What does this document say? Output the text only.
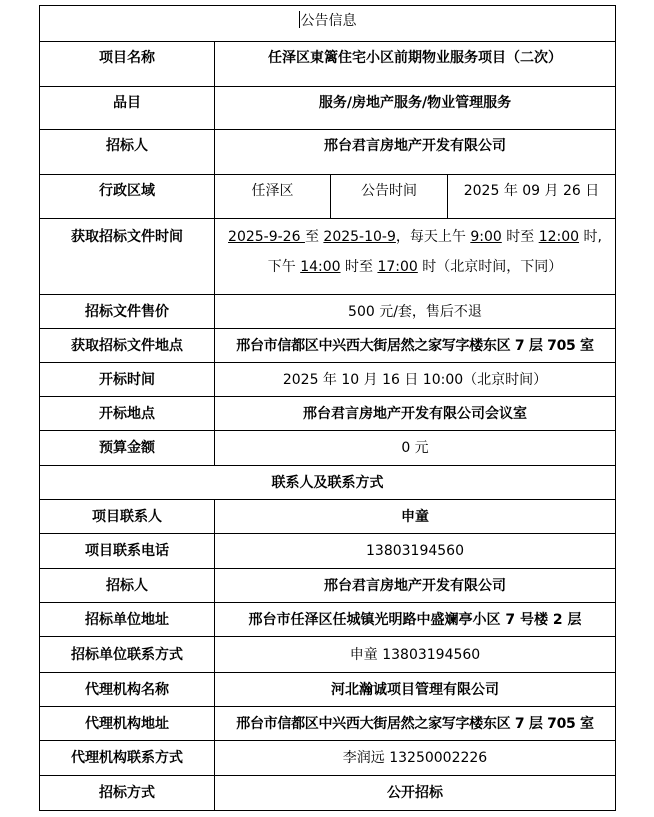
公告信息			
项目名称	任泽区東篱住宅小区前期物业服务项目（二次）		
品目	服务/房地产服务/物业管理服务		
招标人	邢台君言房地产开发有限公司		
行政区域	任泽区	公告时间	2025 年 09 月 26 日
获取招标文件时间	2025-9-26 至 2025-10-9，每天上午 9:00 时至 12:00 时,
下午 14:00 时至 17:00 时（北京时间，下同）		

招标文件售价	500 元/套，售后不退		
获取招标文件地点	邢台市信都区中兴西大街居然之家写字楼东区 7 层 705 室		
开标时间	2025 年 10 月 16 日 10:00（北京时间）		
开标地点	邢台君言房地产开发有限公司会议室		
预算金额	0 元		
联系人及联系方式			
项目联系人	申童		
项目联系电话	13803194560		
招标人	邢台君言房地产开发有限公司		
招标单位地址	邢台市任泽区任城镇光明路中盛斓亭小区 7 号楼 2 层		
招标单位联系方式	申童 13803194560		
代理机构名称	河北瀚诚项目管理有限公司		
代理机构地址	邢台市信都区中兴西大街居然之家写字楼东区 7 层 705 室		
代理机构联系方式	李润远 13250002226		
招标方式	公开招标		
